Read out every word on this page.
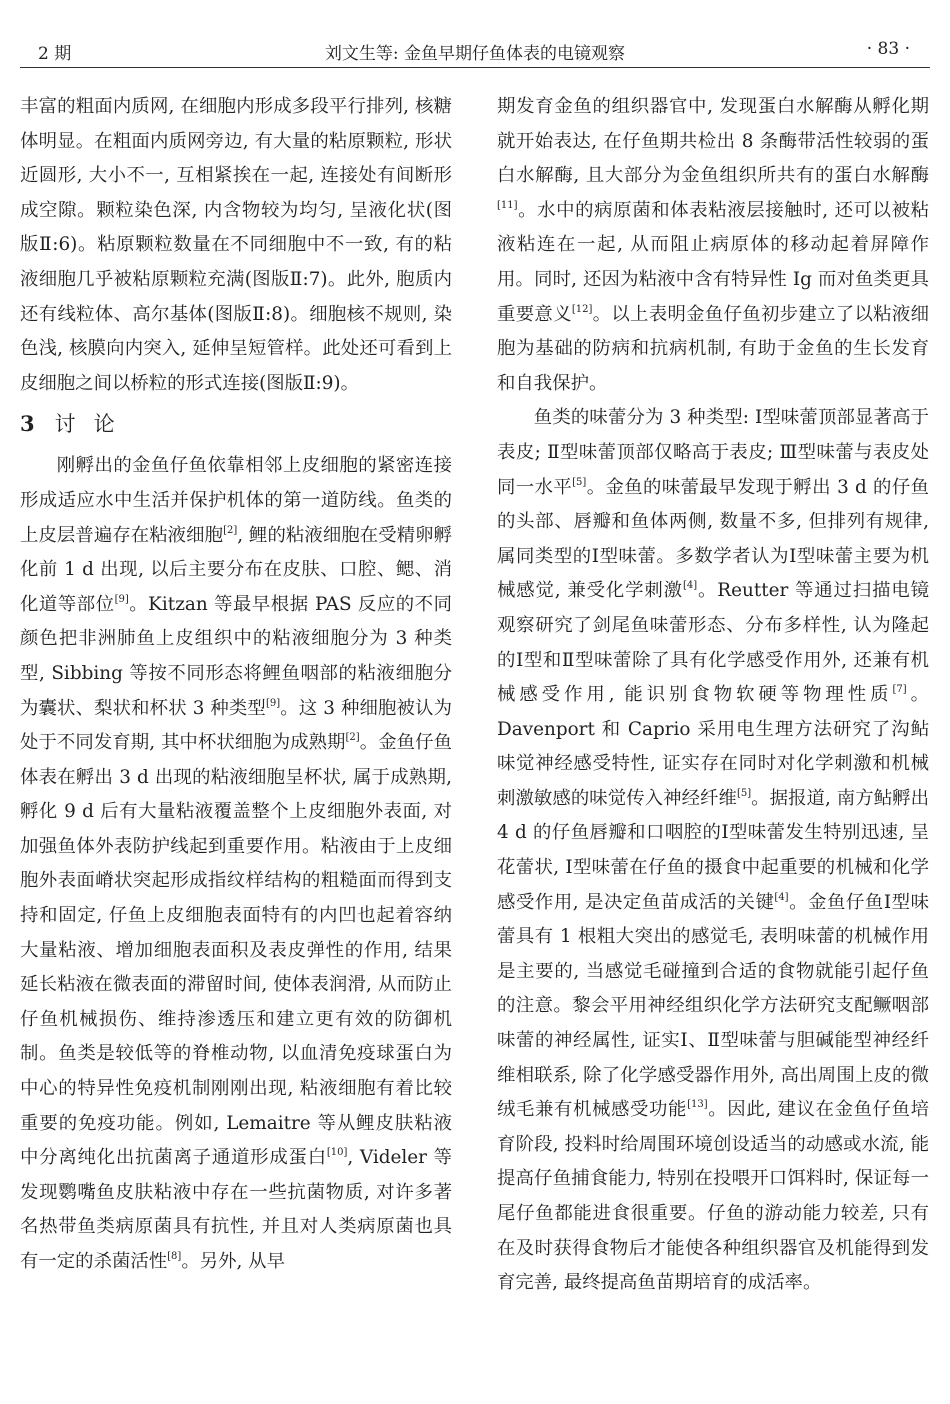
2 期	刘文生等: 金鱼早期仔鱼体表的电镜观察	· 83 ·

丰富的粗面内质网, 在细胞内形成多段平行排列, 核糖体明显。在粗面内质网旁边, 有大量的粘原颗粒, 形状近圆形, 大小不一, 互相紧挨在一起, 连接处有间断形成空隙。颗粒染色深, 内含物较为均匀, 呈液化状(图版Ⅱ:6)。粘原颗粒数量在不同细胞中不一致, 有的粘液细胞几乎被粘原颗粒充满(图版Ⅱ:7)。此外, 胞质内还有线粒体、高尔基体(图版Ⅱ:8)。细胞核不规则, 染色浅, 核膜向内突入, 延伸呈短管样。此处还可看到上皮细胞之间以桥粒的形式连接(图版Ⅱ:9)。

3 讨论

刚孵出的金鱼仔鱼依靠相邻上皮细胞的紧密连接形成适应水中生活并保护机体的第一道防线。鱼类的上皮层普遍存在粘液细胞[2], 鲤的粘液细胞在受精卵孵化前 1 d 出现, 以后主要分布在皮肤、口腔、鳃、消化道等部位[9]。Kitzan 等最早根据 PAS 反应的不同颜色把非洲肺鱼上皮组织中的粘液细胞分为 3 种类型, Sibbing 等按不同形态将鲤鱼咽部的粘液细胞分为囊状、梨状和杯状 3 种类型[9]。这 3 种细胞被认为处于不同发育期, 其中杯状细胞为成熟期[2]。金鱼仔鱼体表在孵出 3 d 出现的粘液细胞呈杯状, 属于成熟期, 孵化 9 d 后有大量粘液覆盖整个上皮细胞外表面, 对加强鱼体外表防护线起到重要作用。粘液由于上皮细胞外表面嵴状突起形成指纹样结构的粗糙面而得到支持和固定, 仔鱼上皮细胞表面特有的内凹也起着容纳大量粘液、增加细胞表面积及表皮弹性的作用, 结果延长粘液在微表面的滞留时间, 使体表润滑, 从而防止仔鱼机械损伤、维持渗透压和建立更有效的防御机制。鱼类是较低等的脊椎动物, 以血清免疫球蛋白为中心的特异性免疫机制刚刚出现, 粘液细胞有着比较重要的免疫功能。例如, Lemaitre 等从鲤皮肤粘液中分离纯化出抗菌离子通道形成蛋白[10], Videler 等发现鹦嘴鱼皮肤粘液中存在一些抗菌物质, 对许多著名热带鱼类病原菌具有抗性, 并且对人类病原菌也具有一定的杀菌活性[8]。另外, 从早

期发育金鱼的组织器官中, 发现蛋白水解酶从孵化期就开始表达, 在仔鱼期共检出 8 条酶带活性较弱的蛋白水解酶, 且大部分为金鱼组织所共有的蛋白水解酶[11]。水中的病原菌和体表粘液层接触时, 还可以被粘液粘连在一起, 从而阻止病原体的移动起着屏障作用。同时, 还因为粘液中含有特异性 Ig 而对鱼类更具重要意义[12]。以上表明金鱼仔鱼初步建立了以粘液细胞为基础的防病和抗病机制, 有助于金鱼的生长发育和自我保护。

鱼类的味蕾分为 3 种类型: Ⅰ型味蕾顶部显著高于表皮; Ⅱ型味蕾顶部仅略高于表皮; Ⅲ型味蕾与表皮处同一水平[5]。金鱼的味蕾最早发现于孵出 3 d 的仔鱼的头部、唇瓣和鱼体两侧, 数量不多, 但排列有规律, 属同类型的Ⅰ型味蕾。多数学者认为Ⅰ型味蕾主要为机械感觉, 兼受化学刺激[4]。Reutter 等通过扫描电镜观察研究了剑尾鱼味蕾形态、分布多样性, 认为隆起的Ⅰ型和Ⅱ型味蕾除了具有化学感受作用外, 还兼有机械感受作用, 能识别食物软硬等物理性质[7]。Davenport 和 Caprio 采用电生理方法研究了沟鲇味觉神经感受特性, 证实存在同时对化学刺激和机械刺激敏感的味觉传入神经纤维[5]。据报道, 南方鲇孵出 4 d 的仔鱼唇瓣和口咽腔的Ⅰ型味蕾发生特别迅速, 呈花蕾状, Ⅰ型味蕾在仔鱼的摄食中起重要的机械和化学感受作用, 是决定鱼苗成活的关键[4]。金鱼仔鱼Ⅰ型味蕾具有 1 根粗大突出的感觉毛, 表明味蕾的机械作用是主要的, 当感觉毛碰撞到合适的食物就能引起仔鱼的注意。黎会平用神经组织化学方法研究支配鳜咽部味蕾的神经属性, 证实Ⅰ、Ⅱ型味蕾与胆碱能型神经纤维相联系, 除了化学感受器作用外, 高出周围上皮的微绒毛兼有机械感受功能[13]。因此, 建议在金鱼仔鱼培育阶段, 投料时给周围环境创设适当的动感或水流, 能提高仔鱼捕食能力, 特别在投喂开口饵料时, 保证每一尾仔鱼都能进食很重要。仔鱼的游动能力较差, 只有在及时获得食物后才能使各种组织器官及机能得到发育完善, 最终提高鱼苗期培育的成活率。
